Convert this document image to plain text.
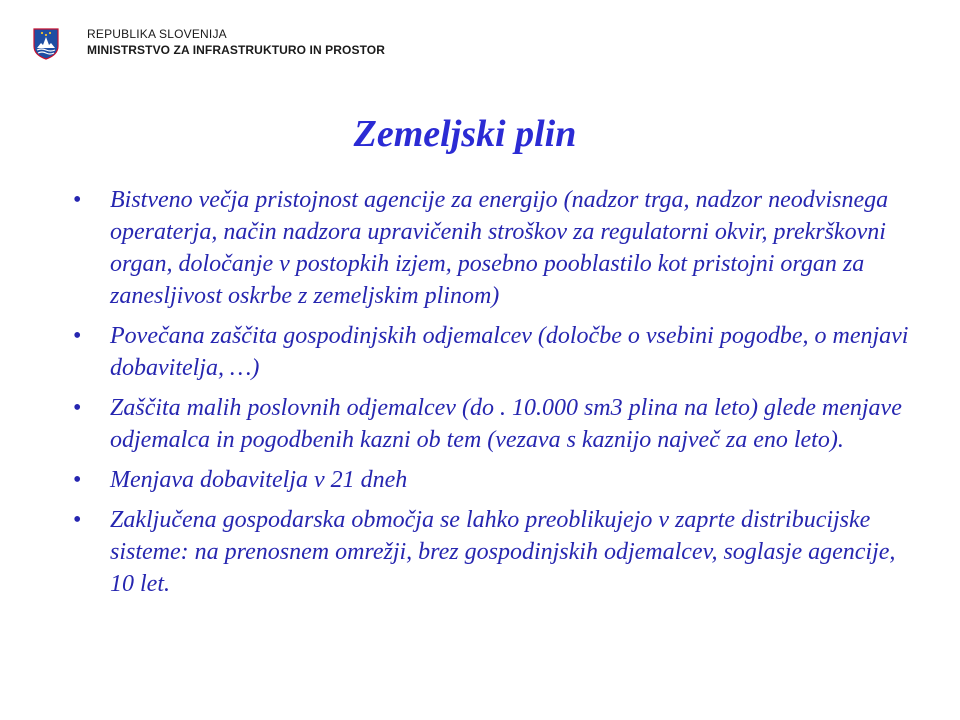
REPUBLIKA SLOVENIJA
MINISTRSTVO ZA INFRASTRUKTURO IN PROSTOR
Zemeljski plin
• Bistveno večja pristojnost agencije za energijo (nadzor trga, nadzor neodvisnega operaterja, način nadzora upravičenih stroškov za regulatorni okvir, prekrškovni organ, določanje v postopkih izjem, posebno pooblastilo kot pristojni organ za zanesljivost oskrbe z zemeljskim plinom)
• Povečana zaščita gospodinjskih odjemalcev (določbe o vsebini pogodbe, o menjavi dobavitelja, …)
• Zaščita malih poslovnih odjemalcev (do . 10.000 sm3 plina na leto) glede menjave odjemalca in pogodbenih kazni ob tem (vezava s kaznijo največ za eno leto).
• Menjava dobavitelja v 21 dneh
• Zaključena gospodarska območja se lahko preoblikujejo v zaprte distribucijske sisteme: na prenosnem omrežji, brez gospodinjskih odjemalcev, soglasje agencije, 10 let.
